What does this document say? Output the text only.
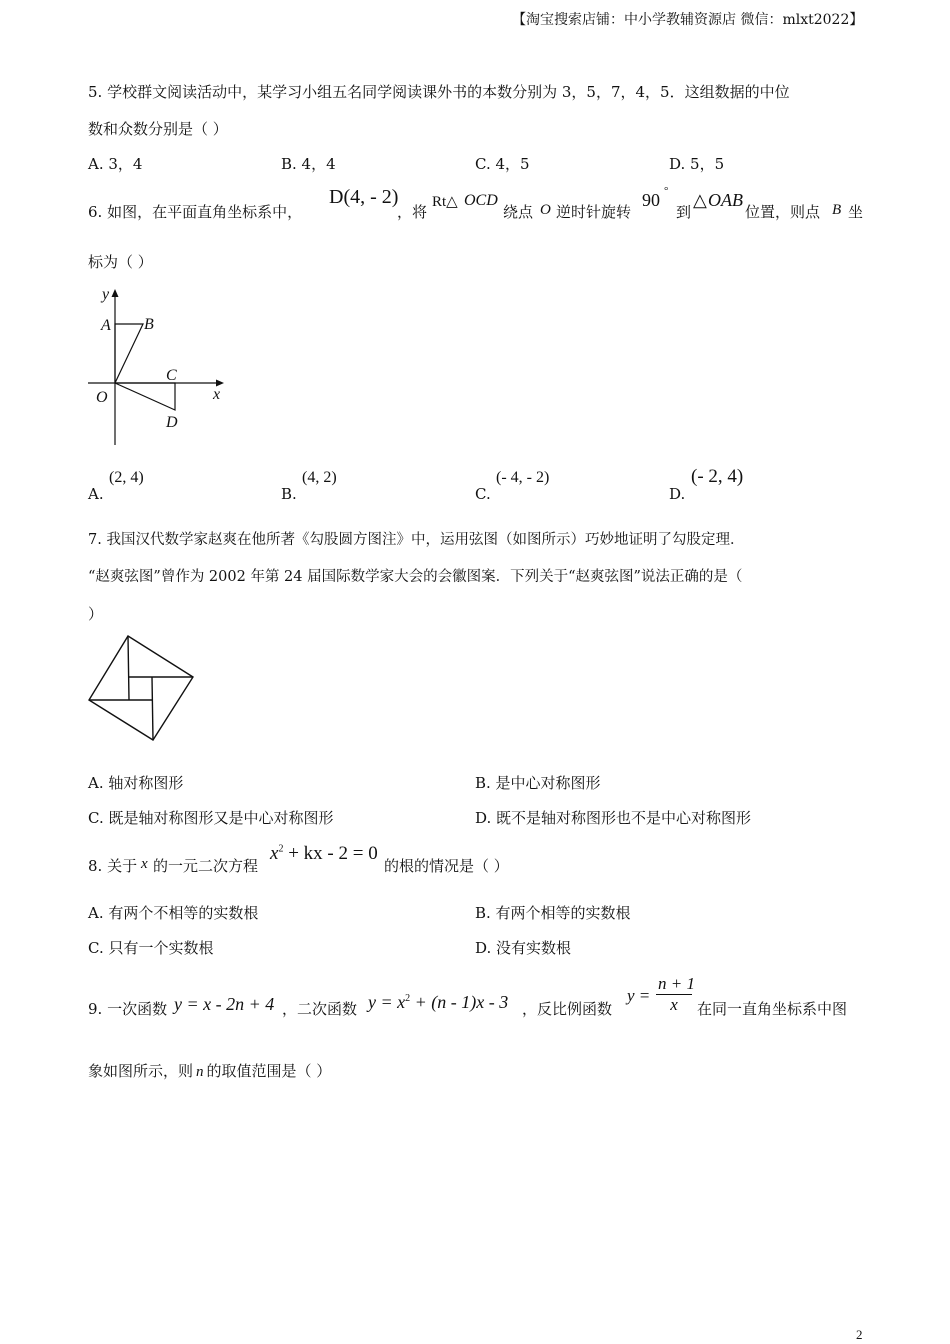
【淘宝搜索店铺：中小学教辅资源店 微信：mlxt2022】
5. 学校群文阅读活动中，某学习小组五名同学阅读课外书的本数分别为 3，5，7，4，5．这组数据的中位
数和众数分别是（ ）
A. 3，4	B. 4，4	C. 4，5	D. 5，5
6. 如图，在平面直角坐标系中，
D(4, - 2)
，将
Rt△ OCD
绕点 O 逆时针旋转
90 °
到
△ OAB
位置，则点 B 坐
标为（ ）
y
x
A B
C
O
D
A.
(2, 4)
B.
(4, 2)
C.
(- 4, - 2)
D.
(- 2, 4)
7. 我国汉代数学家赵爽在他所著《勾股圆方图注》中，运用弦图（如图所示）巧妙地证明了勾股定理．
“赵爽弦图”曾作为 2002 年第 24 届国际数学家大会的会徽图案．下列关于“赵爽弦图”说法正确的是（
）
A. 轴对称图形	B. 是中心对称图形
C. 既是轴对称图形又是中心对称图形	D. 既不是轴对称图形也不是中心对称图形
8. 关于 x 的一元二次方程
$x^2$ + kx - 2 = 0
的根的情况是（ ）
A. 有两个不相等的实数根	B. 有两个相等的实数根
C. 只有一个实数根	D. 没有实数根
9. 一次函数 y = x - 2n + 4 ，二次函数 $y = x^2 + (n - 1)x - 3$ ，反比例函数
$y = \frac{n + 1}{x}$ 在同一直角坐标系中图
象如图所示，则 n 的取值范围是（ ）
2
